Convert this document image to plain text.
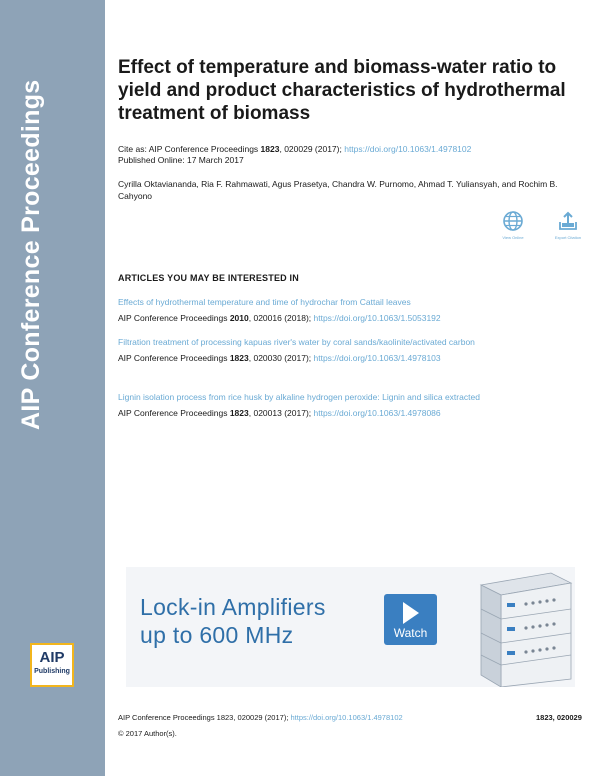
AIP Conference Proceedings
AIP
Publishing
Effect of temperature and biomass-water ratio to yield and product characteristics of hydrothermal treatment of biomass
Cite as: AIP Conference Proceedings 1823, 020029 (2017); https://doi.org/10.1063/1.4978102
Published Online: 17 March 2017
Cyrilla Oktaviananda, Ria F. Rahmawati, Agus Prasetya, Chandra W. Purnomo, Ahmad T. Yuliansyah, and Rochim B. Cahyono
View Online	Export Citation
ARTICLES YOU MAY BE INTERESTED IN
Effects of hydrothermal temperature and time of hydrochar from Cattail leaves
AIP Conference Proceedings 2010, 020016 (2018); https://doi.org/10.1063/1.5053192
Filtration treatment of processing kapuas river's water by coral sands/kaolinite/activated carbon
AIP Conference Proceedings 1823, 020030 (2017); https://doi.org/10.1063/1.4978103
Lignin isolation process from rice husk by alkaline hydrogen peroxide: Lignin and silica extracted
AIP Conference Proceedings 1823, 020013 (2017); https://doi.org/10.1063/1.4978086
Lock-in Amplifiers
up to 600 MHz	Watch
AIP Conference Proceedings 1823, 020029 (2017); https://doi.org/10.1063/1.4978102	1823, 020029
© 2017 Author(s).
